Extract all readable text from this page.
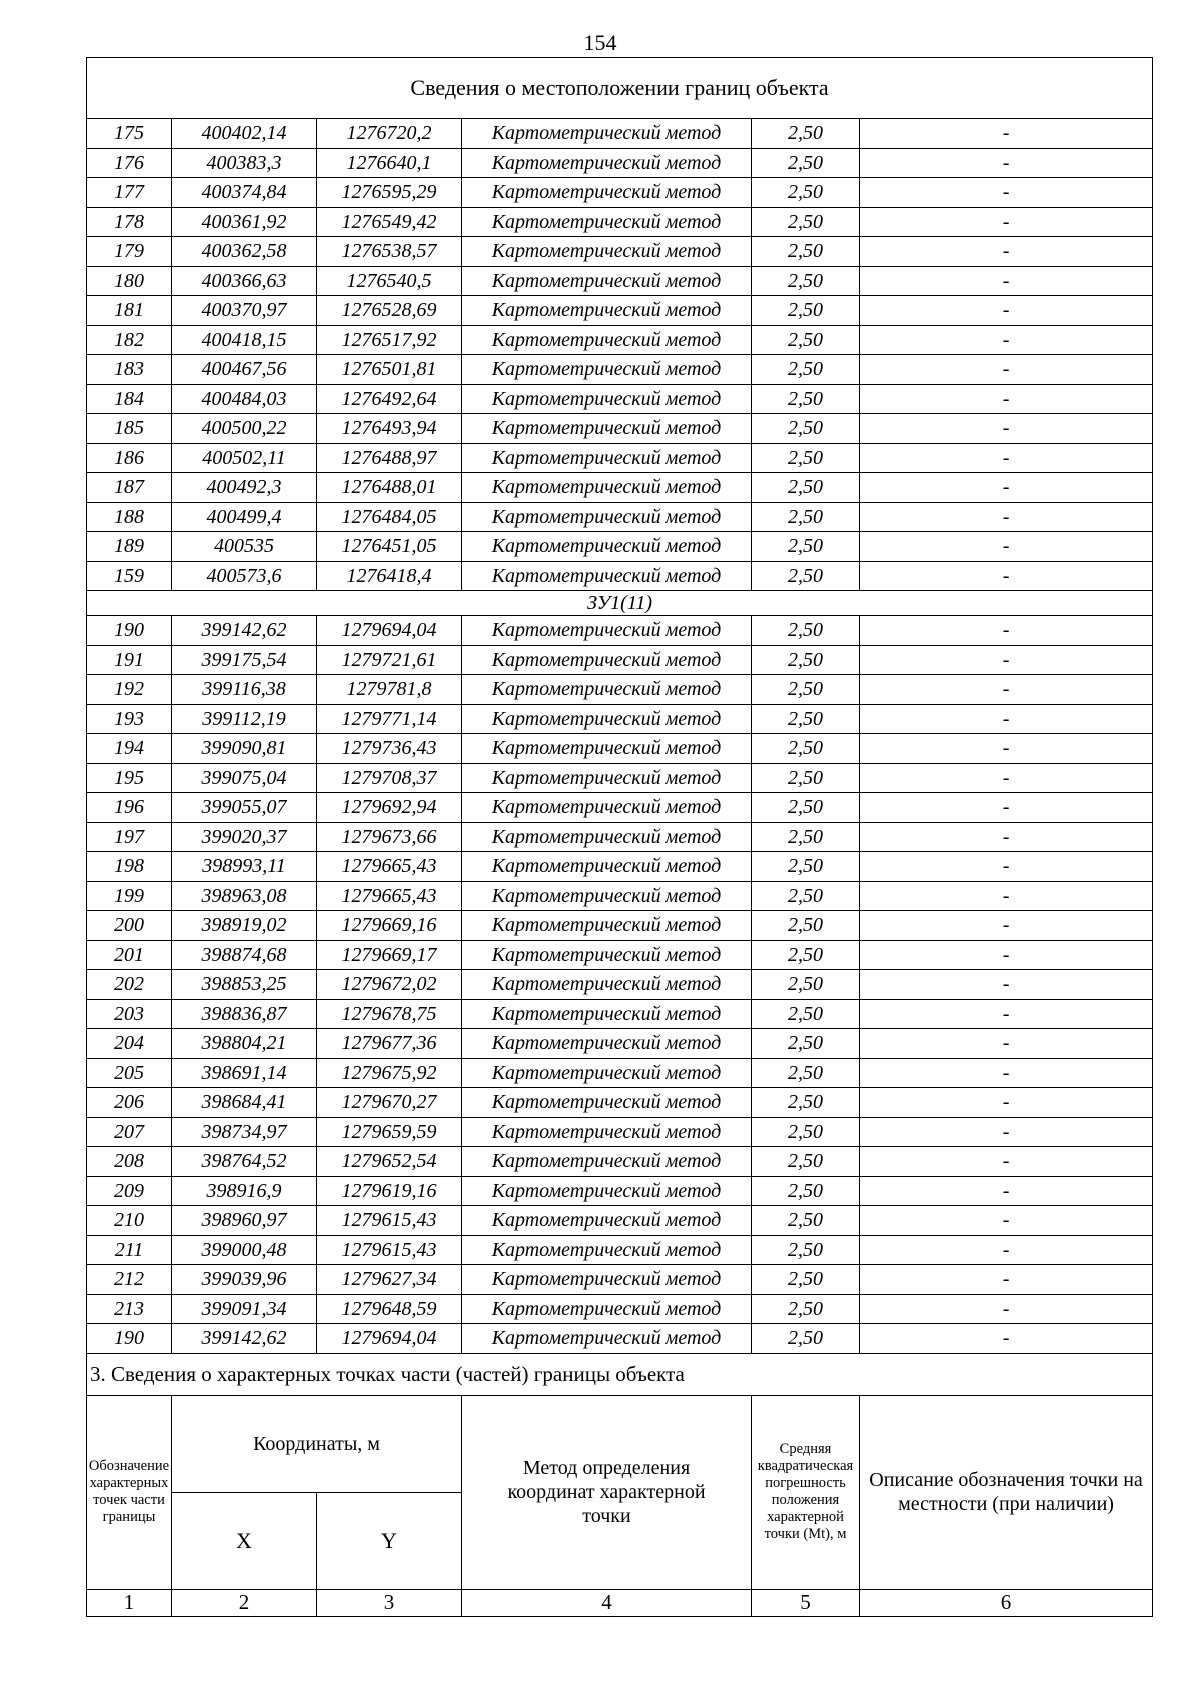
154
Сведения о местоположении границ объекта					
175	400402,14	1276720,2	Картометрический метод	2,50	-
176	400383,3	1276640,1	Картометрический метод	2,50	-
177	400374,84	1276595,29	Картометрический метод	2,50	-
178	400361,92	1276549,42	Картометрический метод	2,50	-
179	400362,58	1276538,57	Картометрический метод	2,50	-
180	400366,63	1276540,5	Картометрический метод	2,50	-
181	400370,97	1276528,69	Картометрический метод	2,50	-
182	400418,15	1276517,92	Картометрический метод	2,50	-
183	400467,56	1276501,81	Картометрический метод	2,50	-
184	400484,03	1276492,64	Картометрический метод	2,50	-
185	400500,22	1276493,94	Картометрический метод	2,50	-
186	400502,11	1276488,97	Картометрический метод	2,50	-
187	400492,3	1276488,01	Картометрический метод	2,50	-
188	400499,4	1276484,05	Картометрический метод	2,50	-
189	400535	1276451,05	Картометрический метод	2,50	-
159	400573,6	1276418,4	Картометрический метод	2,50	-
ЗУ1(11)					
190	399142,62	1279694,04	Картометрический метод	2,50	-
191	399175,54	1279721,61	Картометрический метод	2,50	-
192	399116,38	1279781,8	Картометрический метод	2,50	-
193	399112,19	1279771,14	Картометрический метод	2,50	-
194	399090,81	1279736,43	Картометрический метод	2,50	-
195	399075,04	1279708,37	Картометрический метод	2,50	-
196	399055,07	1279692,94	Картометрический метод	2,50	-
197	399020,37	1279673,66	Картометрический метод	2,50	-
198	398993,11	1279665,43	Картометрический метод	2,50	-
199	398963,08	1279665,43	Картометрический метод	2,50	-
200	398919,02	1279669,16	Картометрический метод	2,50	-
201	398874,68	1279669,17	Картометрический метод	2,50	-
202	398853,25	1279672,02	Картометрический метод	2,50	-
203	398836,87	1279678,75	Картометрический метод	2,50	-
204	398804,21	1279677,36	Картометрический метод	2,50	-
205	398691,14	1279675,92	Картометрический метод	2,50	-
206	398684,41	1279670,27	Картометрический метод	2,50	-
207	398734,97	1279659,59	Картометрический метод	2,50	-
208	398764,52	1279652,54	Картометрический метод	2,50	-
209	398916,9	1279619,16	Картометрический метод	2,50	-
210	398960,97	1279615,43	Картометрический метод	2,50	-
211	399000,48	1279615,43	Картометрический метод	2,50	-
212	399039,96	1279627,34	Картометрический метод	2,50	-
213	399091,34	1279648,59	Картометрический метод	2,50	-
190	399142,62	1279694,04	Картометрический метод	2,50	-
3. Сведения о характерных точках части (частей) границы объекта					
Обозначение характерных точек части границы	Координаты, м		Метод определения координат характерной точки	Средняя квадратическая погрешность положения характерной точки (Mt), м	Описание обозначения точки на местности (при наличии)
	X	Y			
1	2	3	4	5	6
